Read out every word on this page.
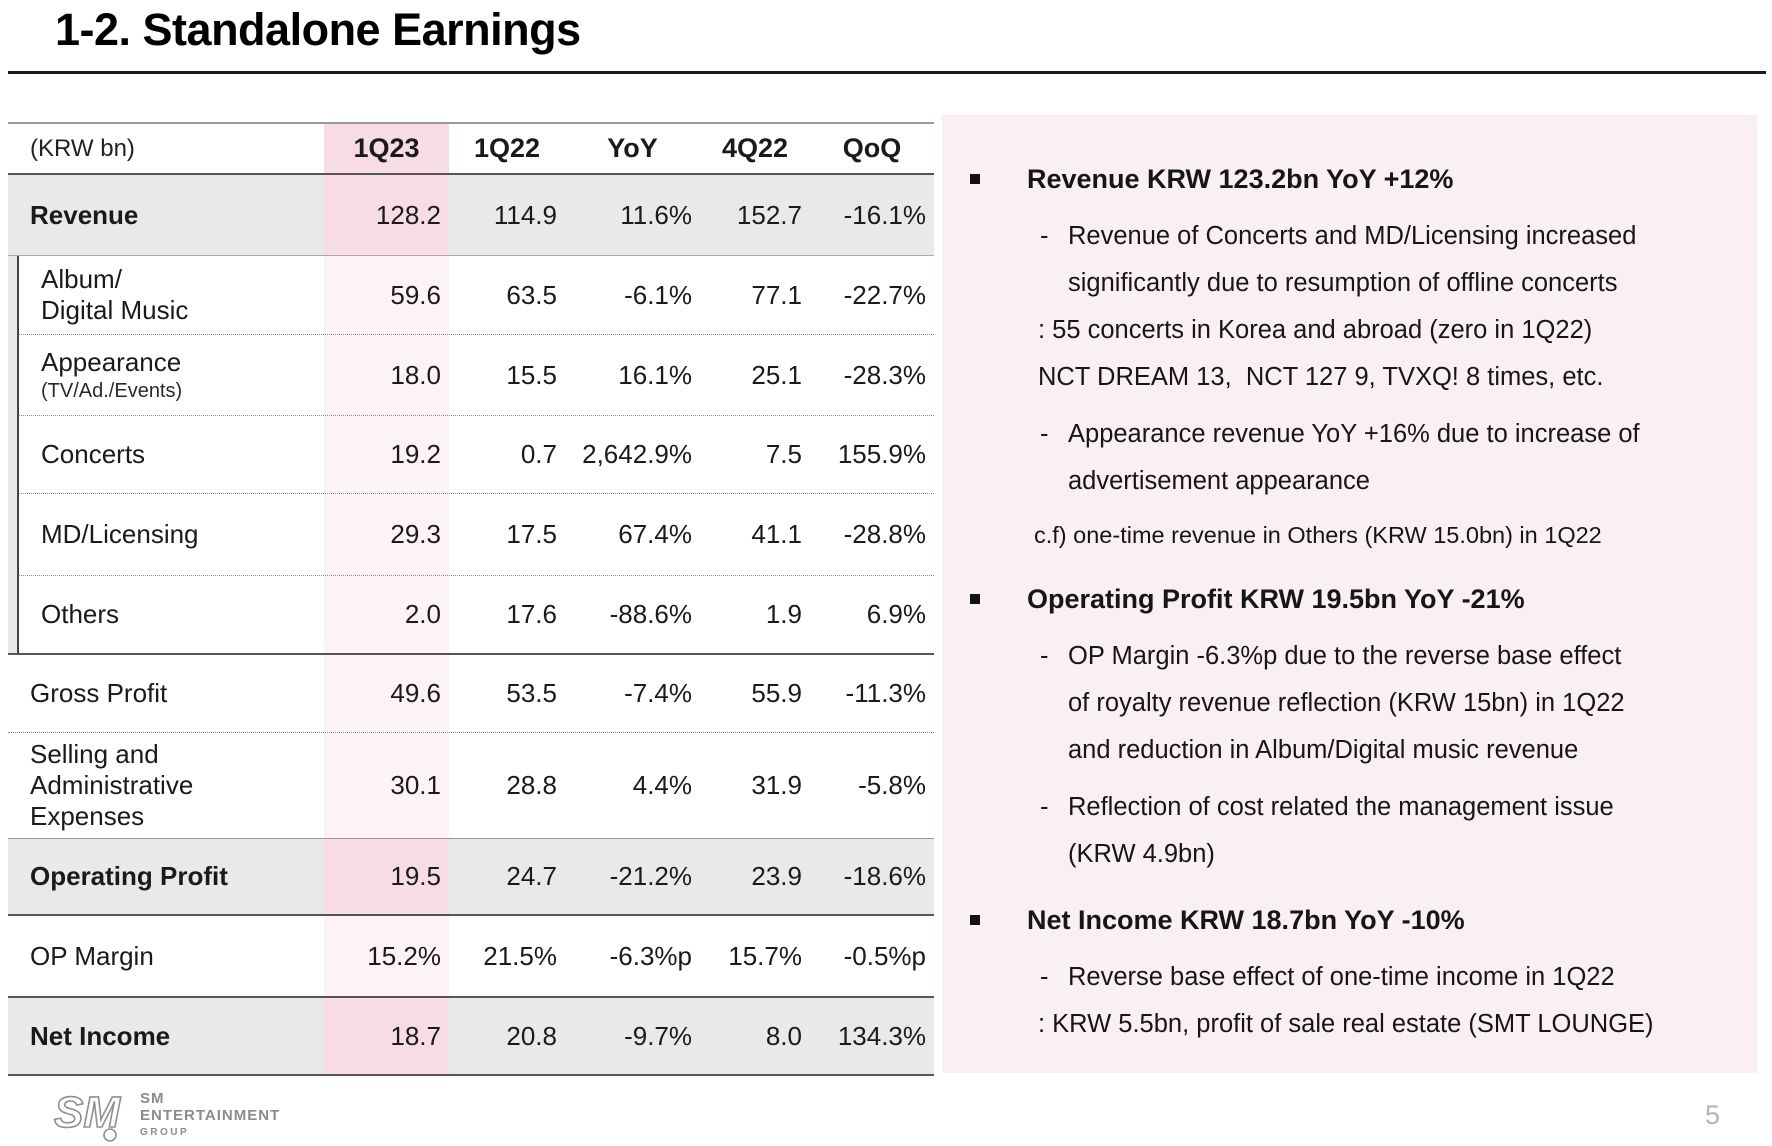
1-2. Standalone Earnings
(KRW bn)	1Q23	1Q22	YoY	4Q22	QoQ
Revenue	128.2	114.9	11.6%	152.7	-16.1%
Album/
Digital Music
59.6	63.5	-6.1%	77.1	-22.7%
Appearance
(TV/Ad./Events)
18.0	15.5	16.1%	25.1	-28.3%
Concerts	19.2	0.7 2,642.9%	7.5	155.9%
MD/Licensing	29.3	17.5	67.4%	41.1	-28.8%
Others	2.0	17.6	-88.6%	1.9	6.9%
Gross Profit	49.6	53.5	-7.4%	55.9	-11.3%
Selling and Administrative Expenses
30.1	28.8	4.4%	31.9	-5.8%
Operating Profit	19.5	24.7	-21.2%	23.9	-18.6%
OP Margin	15.2%	21.5%	-6.3%p	15.7%	-0.5%p
Net Income	18.7	20.8	-9.7%	8.0	134.3%
Revenue KRW 123.2bn YoY +12%
- Revenue of Concerts and MD/Licensing increased
significantly due to resumption of offline concerts
: 55 concerts in Korea and abroad (zero in 1Q22)
NCT DREAM 13,  NCT 127 9, TVXQ! 8 times, etc.
- Appearance revenue YoY +16% due to increase of
advertisement appearance
c.f) one-time revenue in Others (KRW 15.0bn) in 1Q22
Operating Profit KRW 19.5bn YoY -21%
- OP Margin -6.3%p due to the reverse base effect
of royalty revenue reflection (KRW 15bn) in 1Q22
and reduction in Album/Digital music revenue
- Reflection of cost related the management issue
(KRW 4.9bn)
Net Income KRW 18.7bn YoY -10%
- Reverse base effect of one-time income in 1Q22
: KRW 5.5bn, profit of sale real estate (SMT LOUNGE)
SM SM
ENTERTAINMENT
GROUP
5
